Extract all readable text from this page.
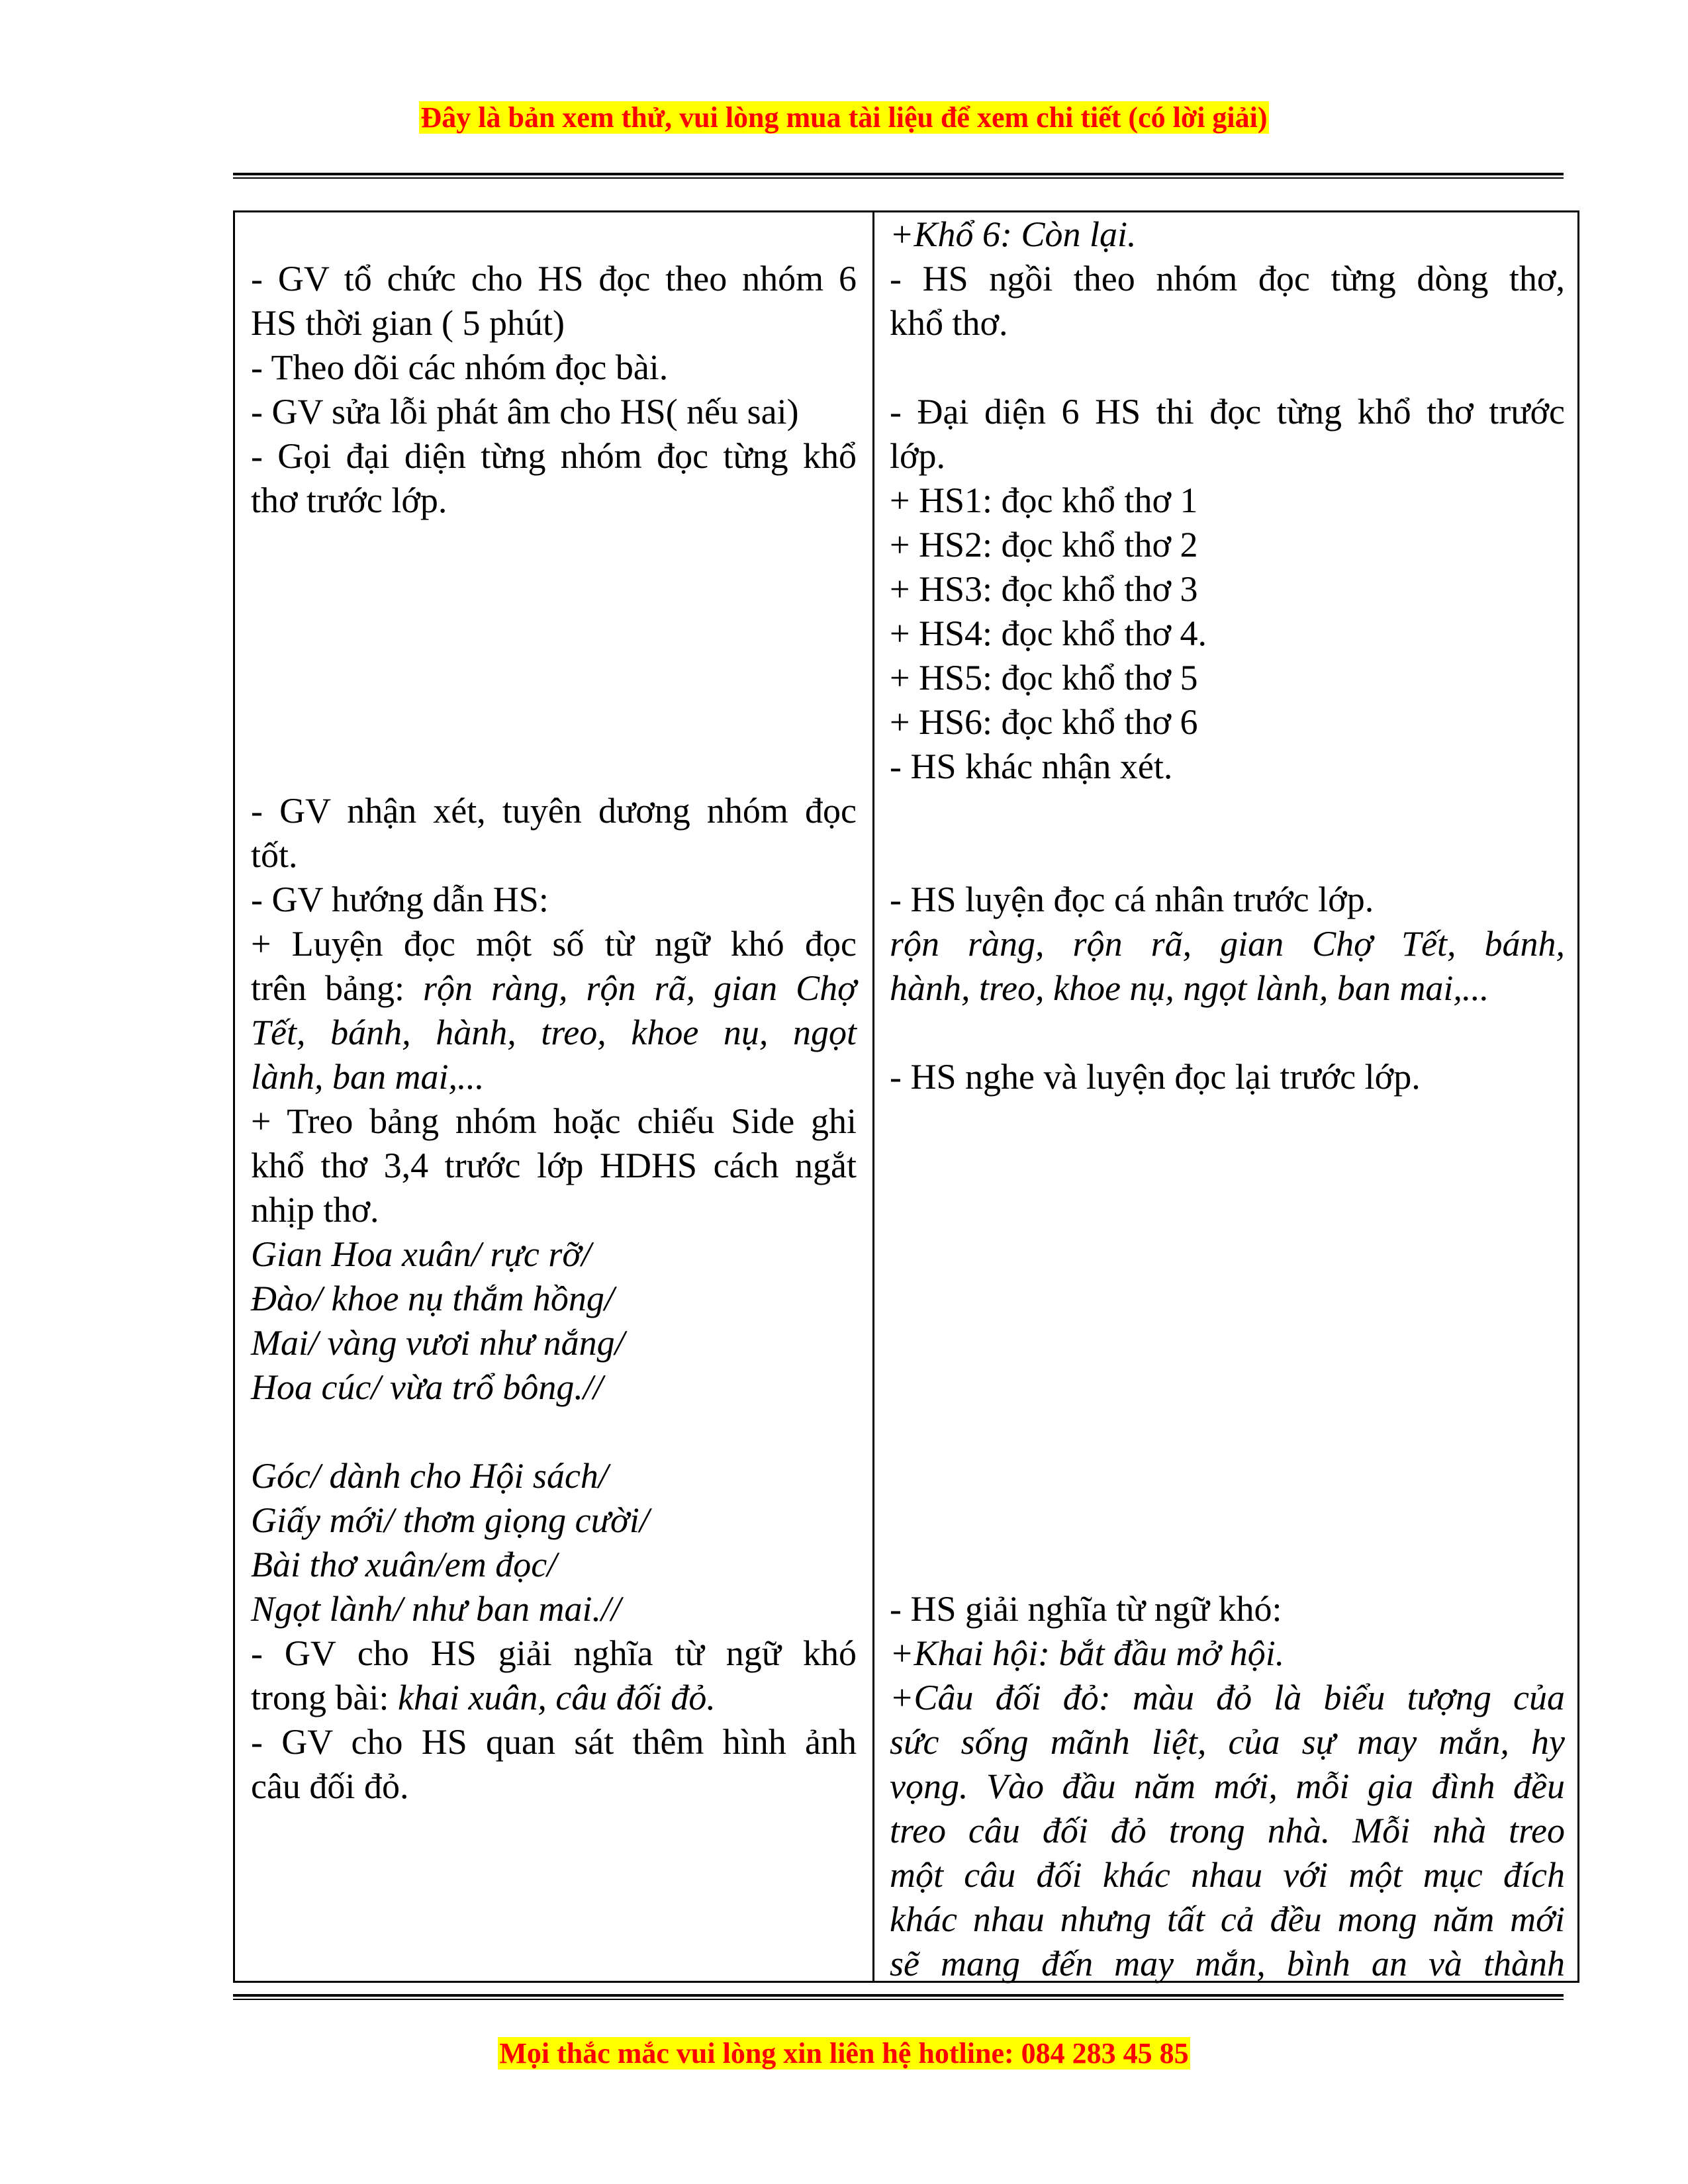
Đây là bản xem thử, vui lòng mua tài liệu để xem chi tiết (có lời giải)
- GV tổ chức cho HS đọc theo nhóm 6
HS thời gian ( 5 phút)
- Theo dõi các nhóm đọc bài.
- GV sửa lỗi phát âm cho HS( nếu sai)
- Gọi đại diện từng nhóm đọc từng khổ
thơ trước lớp.
- GV nhận xét, tuyên dương nhóm đọc
tốt.
- GV hướng dẫn HS:
+ Luyện đọc một số từ ngữ khó đọc
trên bảng: rộn ràng, rộn rã, gian Chợ
Tết, bánh, hành, treo, khoe nụ, ngọt
lành, ban mai,...
+ Treo bảng nhóm hoặc chiếu Side ghi
khổ thơ 3,4 trước lớp HDHS cách ngắt
nhịp thơ.
Gian Hoa xuân/ rực rỡ/
Đào/ khoe nụ thắm hồng/
Mai/ vàng vươi như nắng/
Hoa cúc/ vừa trổ bông.//
Góc/ dành cho Hội sách/
Giấy mới/ thơm giọng cười/
Bài thơ xuân/em đọc/
Ngọt lành/ như ban mai.//
- GV cho HS giải nghĩa từ ngữ khó
trong bài: khai xuân, câu đối đỏ.
- GV cho HS quan sát thêm hình ảnh
câu đối đỏ.
+Khổ 6: Còn lại.
- HS ngồi theo nhóm đọc từng dòng thơ,
khổ thơ.
- Đại diện 6 HS thi đọc từng khổ thơ trước
lớp.
+ HS1: đọc khổ thơ 1
+ HS2: đọc khổ thơ 2
+ HS3: đọc khổ thơ 3
+ HS4: đọc khổ thơ 4.
+ HS5: đọc khổ thơ 5
+ HS6: đọc khổ thơ 6
- HS khác nhận xét.
- HS luyện đọc cá nhân trước lớp.
rộn ràng, rộn rã, gian Chợ Tết, bánh,
hành, treo, khoe nụ, ngọt lành, ban mai,...
- HS nghe và luyện đọc lại trước lớp.
- HS giải nghĩa từ ngữ khó:
+Khai hội: bắt đầu mở hội.
+Câu đối đỏ: màu đỏ là biểu tượng của
sức sống mãnh liệt, của sự may mắn, hy
vọng. Vào đầu năm mới, mỗi gia đình đều
treo câu đối đỏ trong nhà. Mỗi nhà treo
một câu đối khác nhau với một mục đích
khác nhau nhưng tất cả đều mong năm mới
sẽ mang đến may mắn, bình an và thành
Mọi thắc mắc vui lòng xin liên hệ hotline: 084 283 45 85
